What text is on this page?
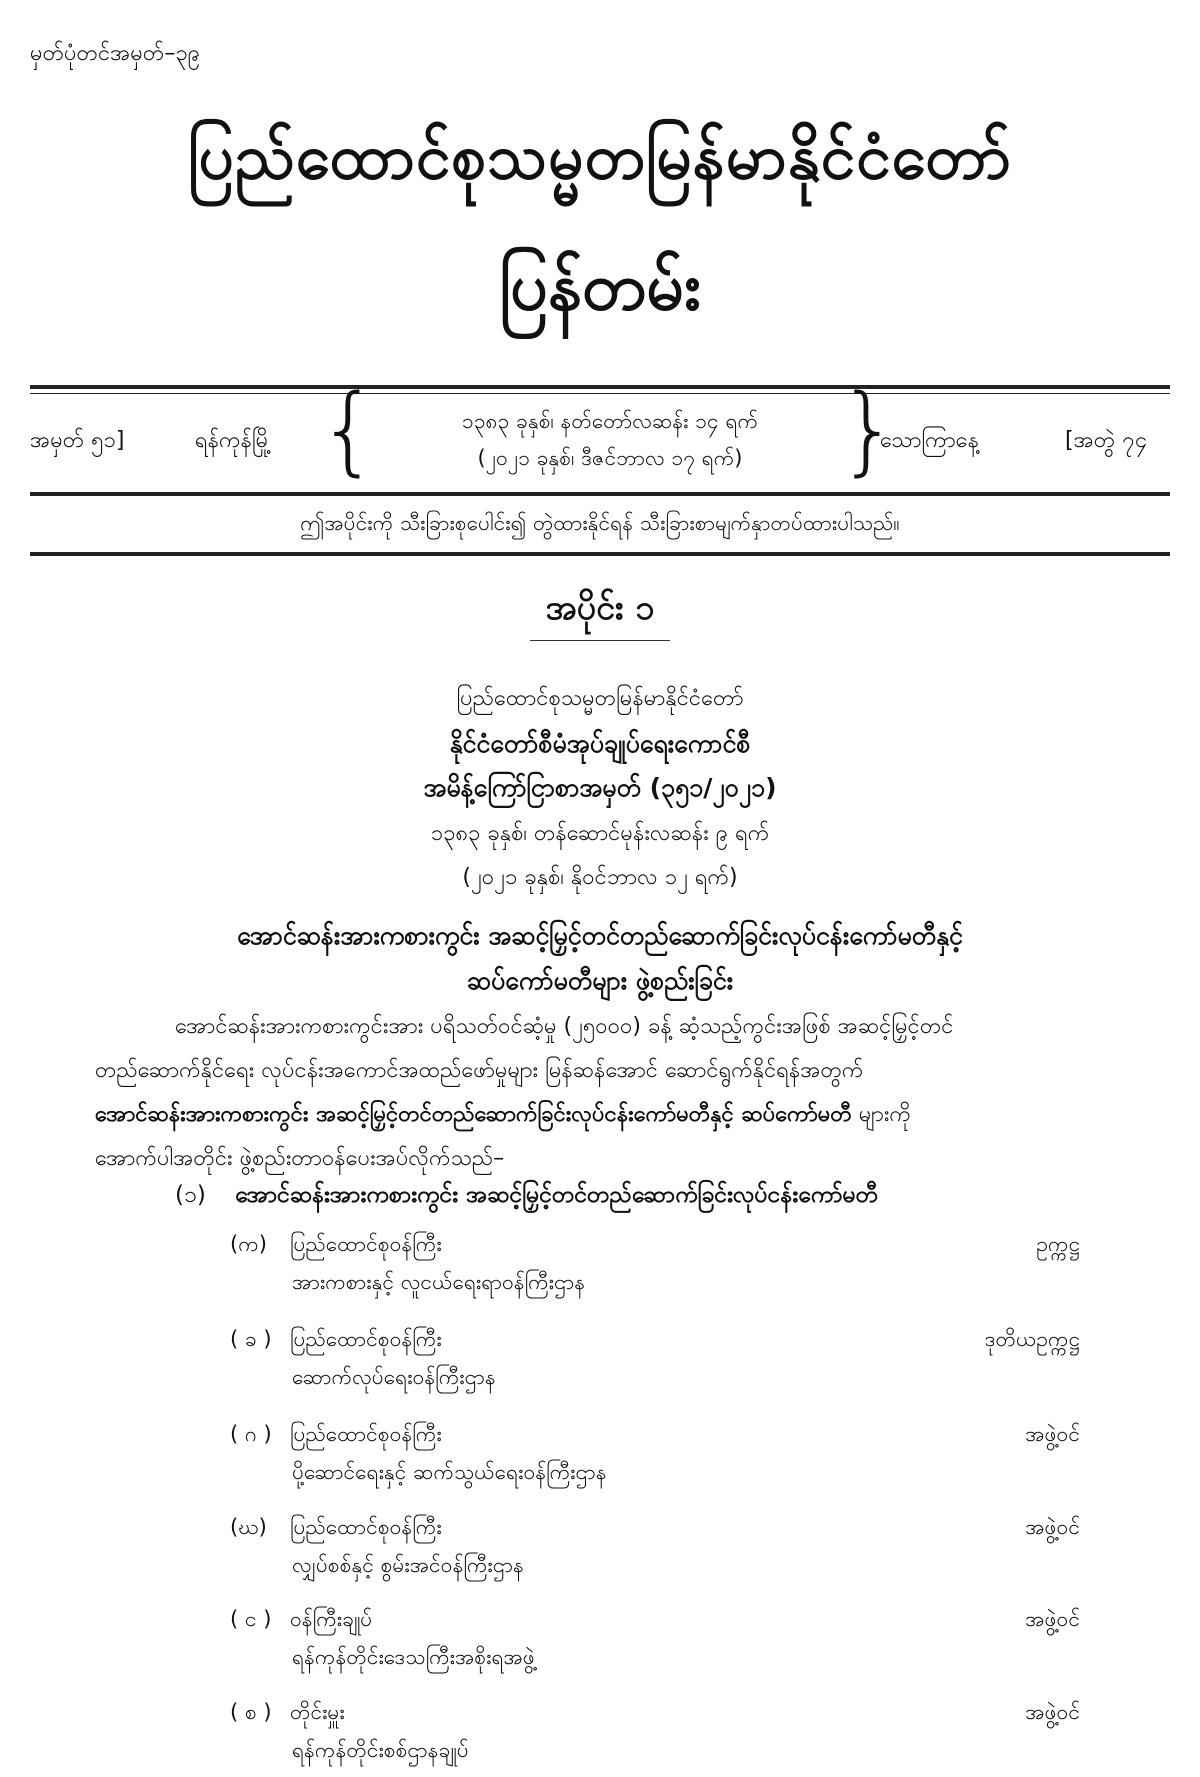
မှတ်ပုံတင်အမှတ်–၃၉
ပြည်ထောင်စုသမ္မတမြန်မာနိုင်ငံတော်
ပြန်တမ်း
အမှတ် ၅၁]	ရန်ကုန်မြို့ {	၁၃၈၃ ခုနှစ်၊ နတ်တော်လဆန်း ၁၄ ရက်
(၂၀၂၁ ခုနှစ်၊ ဒီဇင်ဘာလ ၁၇ ရက်) }
သောကြာနေ့	[အတွဲ ၇၄
ဤအပိုင်းကို သီးခြားစုပေါင်း၍ တွဲထားနိုင်ရန် သီးခြားစာမျက်နှာတပ်ထားပါသည်။
အပိုင်း ၁
ပြည်ထောင်စုသမ္မတမြန်မာနိုင်ငံတော်
နိုင်ငံတော်စီမံအုပ်ချုပ်ရေးကောင်စီ
အမိန့်ကြော်ငြာစာအမှတ် (၃၅၁/၂၀၂၁)
၁၃၈၃ ခုနှစ်၊ တန်ဆောင်မုန်းလဆန်း ၉ ရက်
(၂၀၂၁ ခုနှစ်၊ နိုဝင်ဘာလ ၁၂ ရက်)
အောင်ဆန်းအားကစားကွင်း အဆင့်မြှင့်တင်တည်ဆောက်ခြင်းလုပ်ငန်းကော်မတီနှင့်
ဆပ်ကော်မတီများ ဖွဲ့စည်းခြင်း
အောင်ဆန်းအားကစားကွင်းအား ပရိသတ်ဝင်ဆံ့မှု (၂၅၀၀၀) ခန့် ဆံ့သည့်ကွင်းအဖြစ် အဆင့်မြှင့်တင်
တည်ဆောက်နိုင်ရေး လုပ်ငန်းအကောင်အထည်ဖော်မှုများ မြန်ဆန်အောင် ဆောင်ရွက်နိုင်ရန်အတွက်
အောင်ဆန်းအားကစားကွင်း အဆင့်မြှင့်တင်တည်ဆောက်ခြင်းလုပ်ငန်းကော်မတီနှင့် ဆပ်ကော်မတီ များကို
အောက်ပါအတိုင်း ဖွဲ့စည်းတာဝန်ပေးအပ်လိုက်သည်–
(၁) အောင်ဆန်းအားကစားကွင်း အဆင့်မြှင့်တင်တည်ဆောက်ခြင်းလုပ်ငန်းကော်မတီ
(က) ပြည်ထောင်စုဝန်ကြီး
အားကစားနှင့် လူငယ်ရေးရာဝန်ကြီးဌာန
ဥက္ကဋ္ဌ
( ခ ) ပြည်ထောင်စုဝန်ကြီး
ဆောက်လုပ်ရေးဝန်ကြီးဌာန
ဒုတိယဥက္ကဋ္ဌ
( ဂ ) ပြည်ထောင်စုဝန်ကြီး
ပို့ဆောင်ရေးနှင့် ဆက်သွယ်ရေးဝန်ကြီးဌာန
အဖွဲ့ဝင်
(ဃ) ပြည်ထောင်စုဝန်ကြီး
လျှပ်စစ်နှင့် စွမ်းအင်ဝန်ကြီးဌာန
အဖွဲ့ဝင်
( င ) ဝန်ကြီးချုပ်
ရန်ကုန်တိုင်းဒေသကြီးအစိုးရအဖွဲ့
အဖွဲ့ဝင်
( စ ) တိုင်းမှူး
ရန်ကုန်တိုင်းစစ်ဌာနချုပ်
အဖွဲ့ဝင်
